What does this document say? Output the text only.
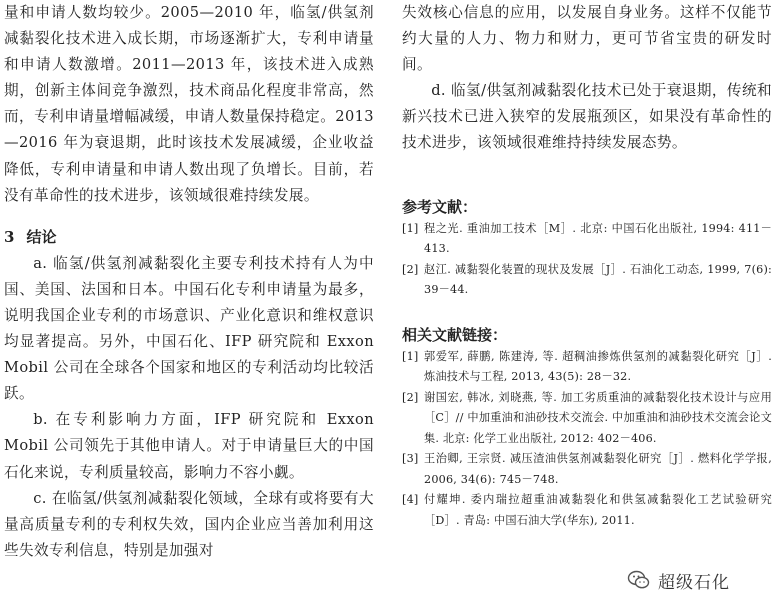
量和申请人数均较少。2005—2010 年，临氢/供氢剂减黏裂化技术进入成长期，市场逐渐扩大，专利申请量和申请人数激增。2011—2013 年，该技术进入成熟期，创新主体间竞争激烈，技术商品化程度非常高，然而，专利申请量增幅减缓，申请人数量保持稳定。2013—2016 年为衰退期，此时该技术发展减缓，企业收益降低，专利申请量和申请人数出现了负增长。目前，若没有革命性的技术进步，该领域很难持续发展。

3 结论

a. 临氢/供氢剂减黏裂化主要专利技术持有人为中国、美国、法国和日本。中国石化专利申请量为最多，说明我国企业专利的市场意识、产业化意识和维权意识均显著提高。另外，中国石化、IFP 研究院和 Exxon Mobil 公司在全球各个国家和地区的专利活动均比较活跃。

b. 在专利影响力方面，IFP 研究院和 Exxon Mobil 公司领先于其他申请人。对于申请量巨大的中国石化来说，专利质量较高，影响力不容小觑。

c. 在临氢/供氢剂减黏裂化领域，全球有或将要有大量高质量专利的专利权失效，国内企业应当善加利用这些失效专利信息，特别是加强对

失效核心信息的应用，以发展自身业务。这样不仅能节约大量的人力、物力和财力，更可节省宝贵的研发时间。

d. 临氢/供氢剂减黏裂化技术已处于衰退期，传统和新兴技术已进入狭窄的发展瓶颈区，如果没有革命性的技术进步，该领域很难维持持续发展态势。

参考文献：
[1] 程之光. 重油加工技术［M］. 北京: 中国石化出版社, 1994: 411－413.
[2] 赵江. 减黏裂化装置的现状及发展［J］. 石油化工动态, 1999, 7(6): 39－44.
相关文献链接：
[1] 郭爱军, 薛鹏, 陈建涛, 等. 超稠油掺炼供氢剂的减黏裂化研究［J］. 炼油技术与工程, 2013, 43(5): 28－32.
[2] 谢国宏, 韩冰, 刘晓燕, 等. 加工劣质重油的减黏裂化技术设计与应用［C］// 中加重油和油砂技术交流会. 中加重油和油砂技术交流会论文集. 北京: 化学工业出版社, 2012: 402－406.
[3] 王治卿, 王宗贤. 减压渣油供氢剂减黏裂化研究［J］. 燃料化学学报, 2006, 34(6): 745－748.
[4] 付耀坤. 委内瑞拉超重油减黏裂化和供氢减黏裂化工艺试验研究［D］. 青岛: 中国石油大学(华东), 2011.
超级石化
